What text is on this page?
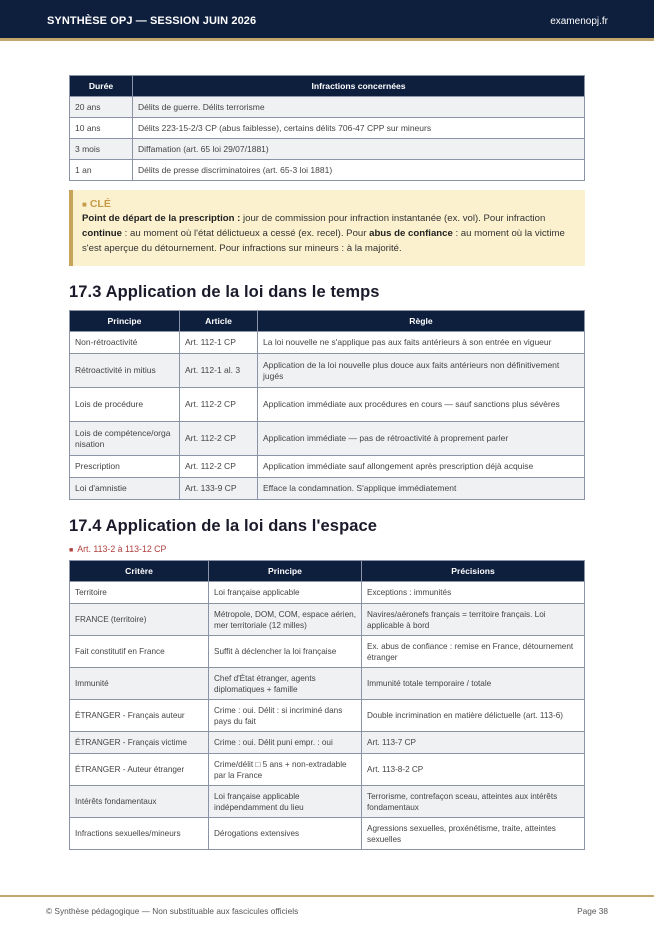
SYNTHÈSE OPJ — SESSION JUIN 2026	examenopj.fr
Durée	Infractions concernées
20 ans	Délits de guerre. Délits terrorisme
10 ans	Délits 223-15-2/3 CP (abus faiblesse), certains délits 706-47 CPP sur mineurs
3 mois	Diffamation (art. 65 loi 29/07/1881)
1 an	Délits de presse discriminatoires (art. 65-3 loi 1881)
■ CLÉ
Point de départ de la prescription : jour de commission pour infraction instantanée (ex. vol). Pour infraction continue : au moment où l'état délictueux a cessé (ex. recel). Pour abus de confiance : au moment où la victime s'est aperçue du détournement. Pour infractions sur mineurs : à la majorité.
17.3 Application de la loi dans le temps
Principe	Article	Règle
Non-rétroactivité	Art. 112-1 CP	La loi nouvelle ne s'applique pas aux faits antérieurs à son entrée en vigueur
Rétroactivité in mitius	Art. 112-1 al. 3	Application de la loi nouvelle plus douce aux faits antérieurs non définitivement jugés
Lois de procédure	Art. 112-2 CP	Application immédiate aux procédures en cours — sauf sanctions plus sévères
Lois de compétence/organisation	Art. 112-2 CP	Application immédiate — pas de rétroactivité à proprement parler
Prescription	Art. 112-2 CP	Application immédiate sauf allongement après prescription déjà acquise
Loi d'amnistie	Art. 133-9 CP	Efface la condamnation. S'applique immédiatement
17.4 Application de la loi dans l'espace
■ Art. 113-2 à 113-12 CP
Critère	Principe	Précisions
Territoire	Loi française applicable	Exceptions : immunités
FRANCE (territoire)	Métropole, DOM, COM, espace aérien, mer territoriale (12 milles)	Navires/aéronefs français = territoire français. Loi applicable à bord
Fait constitutif en France	Suffit à déclencher la loi française	Ex. abus de confiance : remise en France, détournement étranger
Immunité	Chef d'État étranger, agents diplomatiques + famille	Immunité totale temporaire / totale
ÉTRANGER - Français auteur	Crime : oui. Délit : si incriminé dans pays du fait	Double incrimination en matière délictuelle (art. 113-6)
ÉTRANGER - Français victime	Crime : oui. Délit puni empr. : oui	Art. 113-7 CP
ÉTRANGER - Auteur étranger	Crime/délit □ 5 ans + non-extradable par la France	Art. 113-8-2 CP
Intérêts fondamentaux	Loi française applicable indépendamment du lieu	Terrorisme, contrefaçon sceau, atteintes aux intérêts fondamentaux
Infractions sexuelles/mineurs	Dérogations extensives	Agressions sexuelles, proxénétisme, traite, atteintes sexuelles
© Synthèse pédagogique — Non substituable aux fascicules officiels	Page 38
